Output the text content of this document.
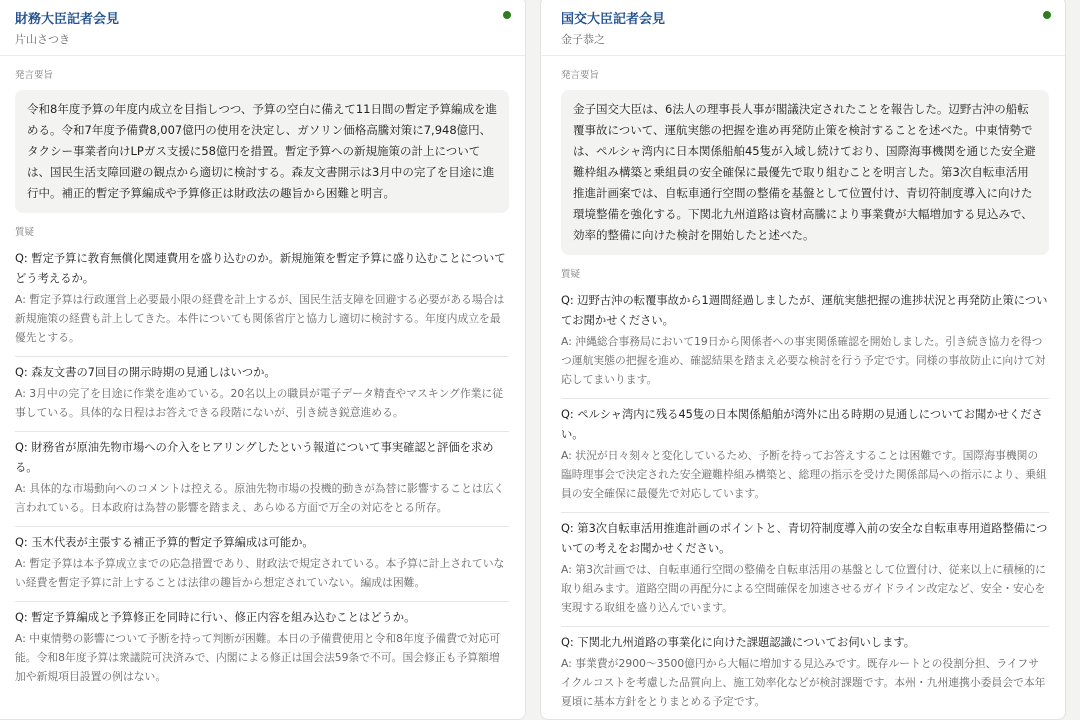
財務大臣記者会見
片山さつき
発言要旨
令和8年度予算の年度内成立を目指しつつ、予算の空白に備えて11日間の暫定予算編成を進める。令和7年度予備費8,007億円の使用を決定し、ガソリン価格高騰対策に7,948億円、タクシー事業者向けLPガス支援に58億円を措置。暫定予算への新規施策の計上については、国民生活支障回避の観点から適切に検討する。森友文書開示は3月中の完了を目途に進行中。補正的暫定予算編成や予算修正は財政法の趣旨から困難と明言。
質疑
Q: 暫定予算に教育無償化関連費用を盛り込むのか。新規施策を暫定予算に盛り込むことについてどう考えるか。
A: 暫定予算は行政運営上必要最小限の経費を計上するが、国民生活支障を回避する必要がある場合は新規施策の経費も計上してきた。本件についても関係省庁と協力し適切に検討する。年度内成立を最優先とする。
Q: 森友文書の7回目の開示時期の見通しはいつか。
A: 3月中の完了を目途に作業を進めている。20名以上の職員が電子データ精査やマスキング作業に従事している。具体的な日程はお答えできる段階にないが、引き続き鋭意進める。
Q: 財務省が原油先物市場への介入をヒアリングしたという報道について事実確認と評価を求める。
A: 具体的な市場動向へのコメントは控える。原油先物市場の投機的動きが為替に影響することは広く言われている。日本政府は為替の影響を踏まえ、あらゆる方面で万全の対応をとる所存。
Q: 玉木代表が主張する補正予算的暫定予算編成は可能か。
A: 暫定予算は本予算成立までの応急措置であり、財政法で規定されている。本予算に計上されていない経費を暫定予算に計上することは法律の趣旨から想定されていない。編成は困難。
Q: 暫定予算編成と予算修正を同時に行い、修正内容を組み込むことはどうか。
A: 中東情勢の影響について予断を持って判断が困難。本日の予備費使用と令和8年度予備費で対応可能。令和8年度予算は衆議院可決済みで、内閣による修正は国会法59条で不可。国会修正も予算額増加や新規項目設置の例はない。
国交大臣記者会見
金子恭之
発言要旨
金子国交大臣は、6法人の理事長人事が閣議決定されたことを報告した。辺野古沖の船転覆事故について、運航実態の把握を進め再発防止策を検討することを述べた。中東情勢では、ペルシャ湾内に日本関係船舶45隻が入域し続けており、国際海事機関を通じた安全避難枠組み構築と乗組員の安全確保に最優先で取り組むことを明言した。第3次自転車活用推進計画案では、自転車通行空間の整備を基盤として位置付け、青切符制度導入に向けた環境整備を強化する。下関北九州道路は資材高騰により事業費が大幅増加する見込みで、効率的整備に向けた検討を開始したと述べた。
質疑
Q: 辺野古沖の転覆事故から1週間経過しましたが、運航実態把握の進捗状況と再発防止策についてお聞かせください。
A: 沖縄総合事務局において19日から関係者への事実関係確認を開始しました。引き続き協力を得つつ運航実態の把握を進め、確認結果を踏まえ必要な検討を行う予定です。同様の事故防止に向けて対応してまいります。
Q: ペルシャ湾内に残る45隻の日本関係船舶が湾外に出る時期の見通しについてお聞かせください。
A: 状況が日々刻々と変化しているため、予断を持ってお答えすることは困難です。国際海事機関の臨時理事会で決定された安全避難枠組み構築と、総理の指示を受けた関係部局への指示により、乗組員の安全確保に最優先で対応しています。
Q: 第3次自転車活用推進計画のポイントと、青切符制度導入前の安全な自転車専用道路整備についての考えをお聞かせください。
A: 第3次計画では、自転車通行空間の整備を自転車活用の基盤として位置付け、従来以上に積極的に取り組みます。道路空間の再配分による空間確保を加速させるガイドライン改定など、安全・安心を実現する取組を盛り込んでいます。
Q: 下関北九州道路の事業化に向けた課題認識についてお伺いします。
A: 事業費が2900～3500億円から大幅に増加する見込みです。既存ルートとの役割分担、ライフサイクルコストを考慮した品質向上、施工効率化などが検討課題です。本州・九州連携小委員会で本年夏頃に基本方針をとりまとめる予定です。
